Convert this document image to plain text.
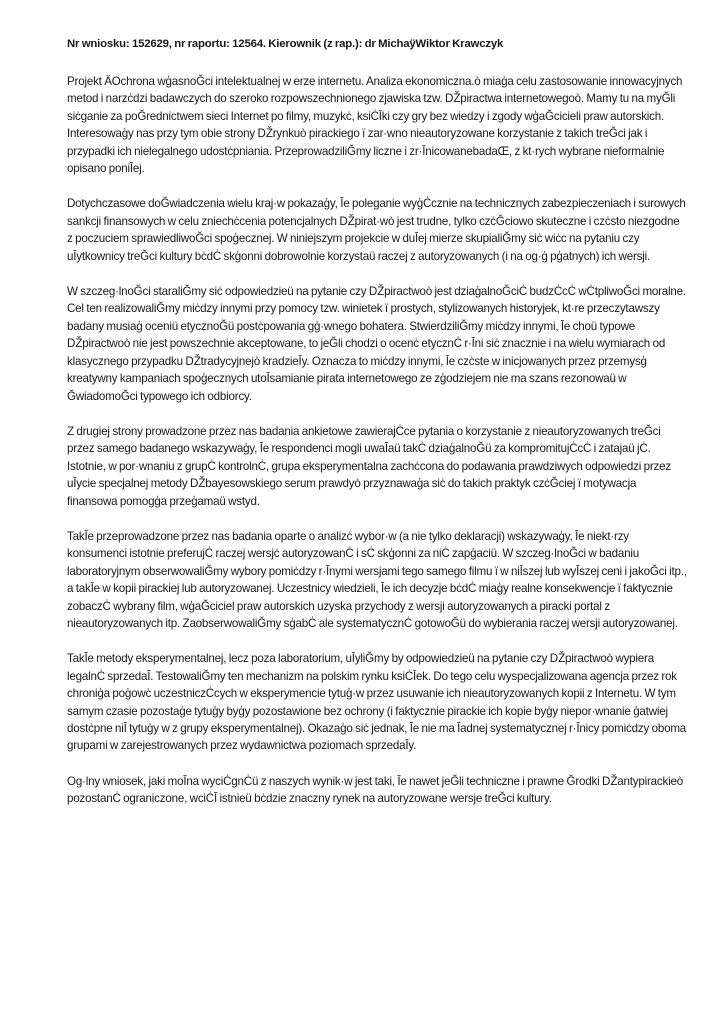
Nr wniosku: 152629, nr raportu: 12564. Kierownik (z rap.): dr MichaÿWiktor Krawczyk

Projekt ÄOchrona wģasnoĞci intelektualnej w erze internetu. Analiza ekonomiczna.ò miaģa celu zastosowanie innowacyjnych metod i narzċdzi badawczych do szeroko rozpowszechnionego zjawiska tzw. Ǆpiractwa internetowegoò. Mamy tu na myĞli siċganie za poĞrednictwem sieci Internet po filmy, muzykċ, ksiĊĪki czy gry bez wiedzy i zgody wģaĞcicieli praw autorskich. Interesowaģy nas przy tym obie strony Ǆrynkuò pirackiego ï zar·wno nieautoryzowane korzystanie z takich treĞci jak i przypadki ich nielegalnego udostċpniania. PrzeprowadziliĞmy liczne i zr·ĪnicowanebadaŒ, z kt·rych wybrane nieformalnie opisano poniĪej.

Dotychczasowe doĞwiadczenia wielu kraj·w pokazaģy, Īe poleganie wyģĊcznie na technicznych zabezpieczeniach i surowych sankcji finansowych w celu zniechċcenia potencjalnych Ǆpirat·wò jest trudne, tylko czċĞciowo skuteczne i czċsto niezgodne z poczuciem sprawiedliwoĞci spoģecznej. W niniejszym projekcie w duĪej mierze skupialiĞmy siċ wiċc na pytaniu czy uĪytkownicy treĞci kultury bċdĊ skģonni dobrowolnie korzystaü raczej z autoryzowanych (i na og·ģ pģatnych) ich wersji.

W szczeg·lnoĞci staraliĞmy siċ odpowiedzieü na pytanie czy Ǆpiractwoò jest dziaģalnoĞciĊ budzĊcĊ wĊtpliwoĞci moralne. Cel ten realizowaliĞmy miċdzy innymi przy pomocy tzw. winietek ï prostych, stylizowanych historyjek, kt·re przeczytawszy badany musiaģ oceniü etycznoĞü postċpowania gģ·wnego bohatera. StwierdziliĞmy miċdzy innymi, Īe choü typowe Ǆpiractwoò nie jest powszechnie akceptowane, to jeĞli chodzi o ocenċ etycznĊ r·Īni siċ znacznie i na wielu wymiarach od klasycznego przypadku Ǆtradycyjnejò kradzieĪy. Oznacza to miċdzy innymi, Īe czċste w inicjowanych przez przemysģ kreatywny kampaniach spoģecznych utoĪsamianie pirata internetowego ze zģodziejem nie ma szans rezonowaü w ĞwiadomoĞci typowego ich odbiorcy.

Z drugiej strony prowadzone przez nas badania ankietowe zawierajĊce pytania o korzystanie z nieautoryzowanych treĞci przez samego badanego wskazywaģy, Īe respondenci mogli uwaĪaü takĊ dziaģalnoĞü za kompromitujĊcĊ i zatajaü jĊ. Istotnie, w por·wnaniu z grupĊ kontrolnĊ, grupa eksperymentalna zachċcona do podawania prawdziwych odpowiedzi przez uĪycie specjalnej metody Ǆbayesowskiego serum prawdyò przyznawaģa siċ do takich praktyk czċĞciej ï motywacja finansowa pomogģa przeģamaü wstyd.

TakĪe przeprowadzone przez nas badania oparte o analizċ wybor·w (a nie tylko deklaracji) wskazywaģy, Īe niekt·rzy konsumenci istotnie preferujĊ raczej wersjċ autoryzowanĊ i sĊ skģonni za niĊ zapģaciü. W szczeg·lnoĞci w badaniu laboratoryjnym obserwowaliĞmy wybory pomiċdzy r·Īnymi wersjami tego samego filmu ï w niĪszej lub wyĪszej ceni i jakoĞci itp., a takĪe w kopii pirackiej lub autoryzowanej. Uczestnicy wiedzieli, Īe ich decyzje bċdĊ miaģy realne konsekwencje ï faktycznie zobaczĊ wybrany film, wģaĞciciel praw autorskich uzyska przychody z wersji autoryzowanych a piracki portal z nieautoryzowanych itp. ZaobserwowaliĞmy sģabĊ ale systematycznĊ gotowoĞü do wybierania raczej wersji autoryzowanej.

TakĪe metody eksperymentalnej, lecz poza laboratorium, uĪyliĞmy by odpowiedzieü na pytanie czy Ǆpiractwoò wypiera legalnĊ sprzedaĪ. TestowaliĞmy ten mechanizm na polskim rynku ksiĊĪek. Do tego celu wyspecjalizowana agencja przez rok chroniģa poģowċ uczestniczĊcych w eksperymencie tytuģ·w przez usuwanie ich nieautoryzowanych kopii z Internetu. W tym samym czasie pozostaģe tytuģy byģy pozostawione bez ochrony (i faktycznie pirackie ich kopie byģy niepor·wnanie ģatwiej dostċpne niĪ tytuģy w z grupy eksperymentalnej). Okazaģo siċ jednak, Īe nie ma Īadnej systematycznej r·Īnicy pomiċdzy oboma grupami w zarejestrowanych przez wydawnictwa poziomach sprzedaĪy.

Og·lny wniosek, jaki moĪna wyciĊgnĊü z naszych wynik·w jest taki, Īe nawet jeĞli techniczne i prawne Ğrodki Ǆantypirackieò pozostanĊ ograniczone, wciĊĪ istnieü bċdzie znaczny rynek na autoryzowane wersje treĞci kultury.
